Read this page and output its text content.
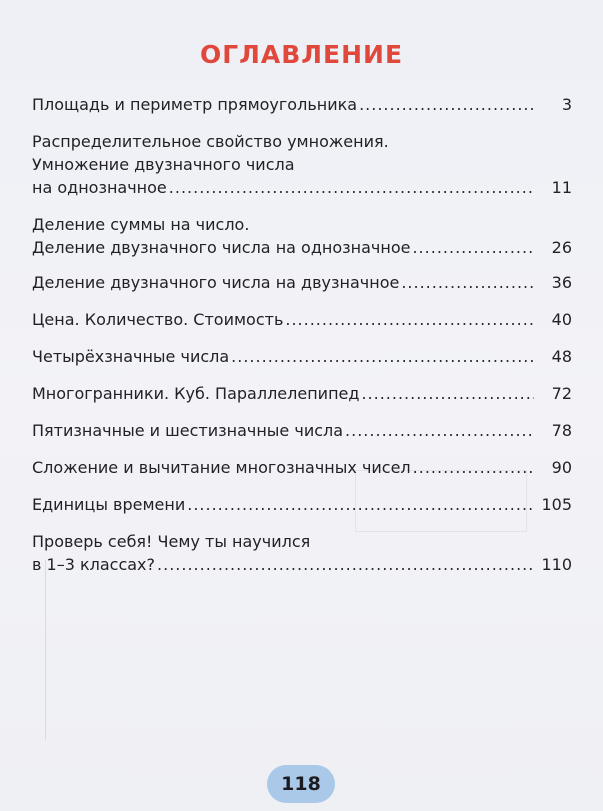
ОГЛАВЛЕНИЕ
Площадь и периметр прямоугольника .....	3
Распределительное свойство умножения.
Умножение двузначного числа
на однозначное .....	11
Деление суммы на число.
Деление двузначного числа на однозначное .....	26
Деление двузначного числа на двузначное .....	36
Цена. Количество. Стоимость .....	40
Четырёхзначные числа .....	48
Многогранники. Куб. Параллелепипед .....	72
Пятизначные и шестизначные числа .....	78
Сложение и вычитание многозначных чисел .....	90
Единицы времени .....	105
Проверь себя! Чему ты научился
в 1–3 классах? .....	110
118
